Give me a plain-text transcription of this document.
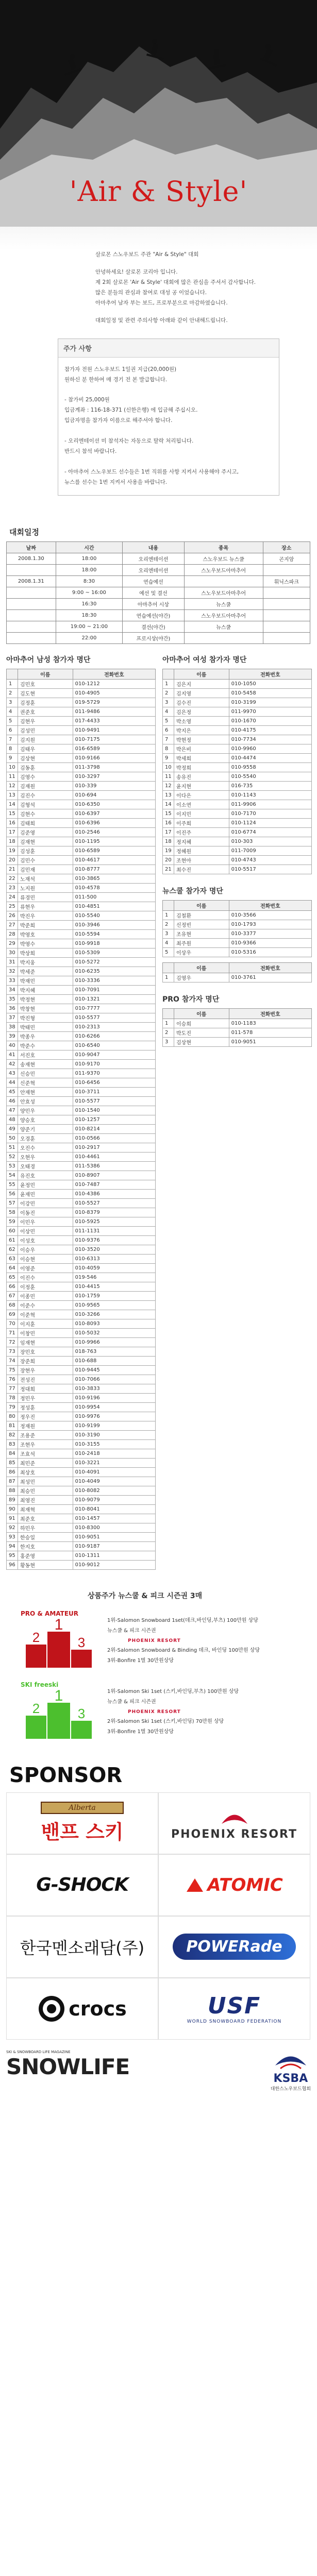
'Air & Style'
살로몬 스노우보드 주관 "Air & Style" 대회

안녕하세요! 살로몬 코리아 입니다.
제 2회 살로몬 'Air & Style' 대회에 많은 관심을 주셔서 감사합니다.
많은 분들의 관심과 참여로 대성 공 이었습니다.
아마추어 남자 부는 보드, 프로부분으로 마감하였습니다.

대회일정 및 관련 주의사항 아래와 같이 안내해드립니다.

주가 사항
참가자 전원 스노우보드 1일권 지급(20,000원)
원하신 분 한하여 매 경기 전 본 발급합니다.

- 참가비 25,000원
입금계좌 : 116-18-371 (신한은행) 에 입금해 주십시오.
입금자명을 참가자 이름으로 해주셔야 합니다.

- 오리엔테이션 미 참석자는 자동으로 탈락 처리됩니다.
반드시 참석 바랍니다.

- 아마추어 스노우보드 선수들은 1번 직위를 사항 지켜서 사용해야 주시고,
뉴스를 선수는 1번 지켜서 사용을 바랍니다.
대회일정
날짜	시간	내용	종목	장소
2008.1.30	18:00	오리엔테이션	스노우보드 뉴스쿨	곤지암
	18:00	오리엔테이션	스노우보드아마추어	
2008.1.31	8:30	연습예선		휘닉스파크
	9:00 ~ 16:00	예선 및 결선	스노우보드아마추어	
	16:30	아마추어 시상	뉴스쿨	
	18:30	연습예선(야간)	스노우보드아마추어	
	19:00 ~ 21:00	결선(야간)	뉴스쿨	
	22:00	프로시상(야간)		
아마추어 남성 참가자 명단
	이름	전화번호
1	김민호	010-1212
2	김도현	010-4905
3	김정훈	019-5729
4	권준호	011-9486
5	김현우	017-4433
6	김성민	010-9491
7	김지원	010-7175
8	김태우	016-6589
9	김상현	010-9166
10	김동훈	011-3798
11	김영수	010-3297
12	김재원	010-339
13	김진수	010-694
14	김형석	010-6350
15	김현수	010-6397
16	김태희	010-6396
17	김준영	010-2546
18	김재현	010-1195
19	김성훈	010-6589
20	김민수	010-4617
21	김민재	010-8777
22	노재석	010-3865
23	노지원	010-4578
24	류경민	011-500
25	류현우	010-4851
26	박진우	010-5540
27	박준희	010-3946
28	박영호	010-5594
29	박영수	010-9918
30	박상희	010-5309
31	박지웅	010-5272
32	박세준	010-6235
33	박재민	010-3336
34	박지혜	010-7091
35	박정현	010-1321
36	박창현	010-7777
37	박진형	010-5577
38	박태민	010-2313
39	박종우	010-6266
40	박준수	010-6540
41	서진호	010-9047
42	송재현	010-9170
43	신승민	011-9370
44	신준혁	010-6456
45	안재현	010-3711
46	안효성	010-5577
47	양민우	010-1540
48	양승호	010-1257
49	양준기	010-8214
50	오경훈	010-0566
51	오진수	010-2917
52	오현우	010-4461
53	오태경	011-5386
54	유진호	010-8907
55	윤정민	010-7487
56	윤재민	010-4386
57	이강민	010-5527
58	이동진	010-8379
59	이민우	010-5925
60	이상민	011-1131
61	이성호	010-9376
62	이승우	010-3520
63	이승현	010-6313
64	이영준	010-4059
65	이진수	019-546
66	이정훈	010-4415
67	이종민	010-1759
68	이준수	010-9565
69	이준혁	010-3266
70	이지훈	010-8093
71	이창민	010-5032
72	임재현	010-9966
73	장민호	018-763
74	장준희	010-688
75	장현우	010-9445
76	전성진	010-7066
77	정대희	010-3833
78	정민우	010-9196
79	정성훈	010-9954
80	정우진	010-9976
81	정재원	010-9199
82	조용준	010-3190
83	조현우	010-3155
84	조효석	010-2418
85	최민준	010-3221
86	최상호	010-4091
87	최성민	010-4049
88	최승민	010-8082
89	최영진	010-9079
90	최재혁	010-8041
91	최준호	010-1457
92	하민우	010-8300
93	한승일	010-9051
94	한지호	010-9187
95	홍준영	010-1311
96	황동현	010-9012
아마추어 여성 참가자 명단
	이름	전화번호
1	김은지	010-1050
2	김지영	010-5458
3	김수진	010-3199
4	김은정	011-9970
5	박소영	010-1670
6	박지은	010-4175
7	박현정	010-7734
8	박은비	010-9960
9	박세희	010-4474
10	박정희	010-9558
11	송유진	010-5540
12	윤지현	016-735
13	이다은	010-1143
14	이소연	011-9906
15	이지민	010-7170
16	이주희	010-1124
17	이진주	010-6774
18	정지혜	010-303
19	정혜원	011-7009
20	조현아	010-4743
21	최수진	010-5517
뉴스쿨 참가자 명단
	이름	전화번호
1	김철환	010-3566
2	신정빈	010-1793
3	조유현	010-3377
4	최주원	010-9366
5	이상우	010-5316
	이름	전화번호
1	김영우	010-3761
PRO 참가자 명단
	이름	전화번호
1	이승희	010-1183
2	박도진	011-578
3	김상현	010-9051
상품주가 뉴스쿨 & 피크 시즌권 3매
PRO & AMATEUR
2
1
3
1위-Salomon Snowboard 1set(데크,바인딩,부츠) 100만원 상당
뉴스쿨 & 피크 시즌권
PHOENIX RESORT
2위-Salomon Snowboard & Binding 데크, 바인딩 100만원 상당
3위-Bonfire 1벌 30만원상당
SKI freeski
2
1
3
1위-Salomon Ski 1set (스키,바인딩,부츠) 100만원 상당
뉴스쿨 & 피크 시즌권
PHOENIX RESORT
2위-Salomon Ski 1set (스키,바인딩) 70만원 상당
3위-Bonfire 1벌 30만원상당
SPONSOR
Alberta
밴프 스키	PHOENIX RESORT
G-SHOCK	ATOMIC
한국멘소래담(주)	POWERade
crocs	USF
WORLD SNOWBOARD FEDERATION
SKI & SNOWBOARD LIFE MAGAZINE
SNOWLIFE	KSBA
대한스노우보드협회
